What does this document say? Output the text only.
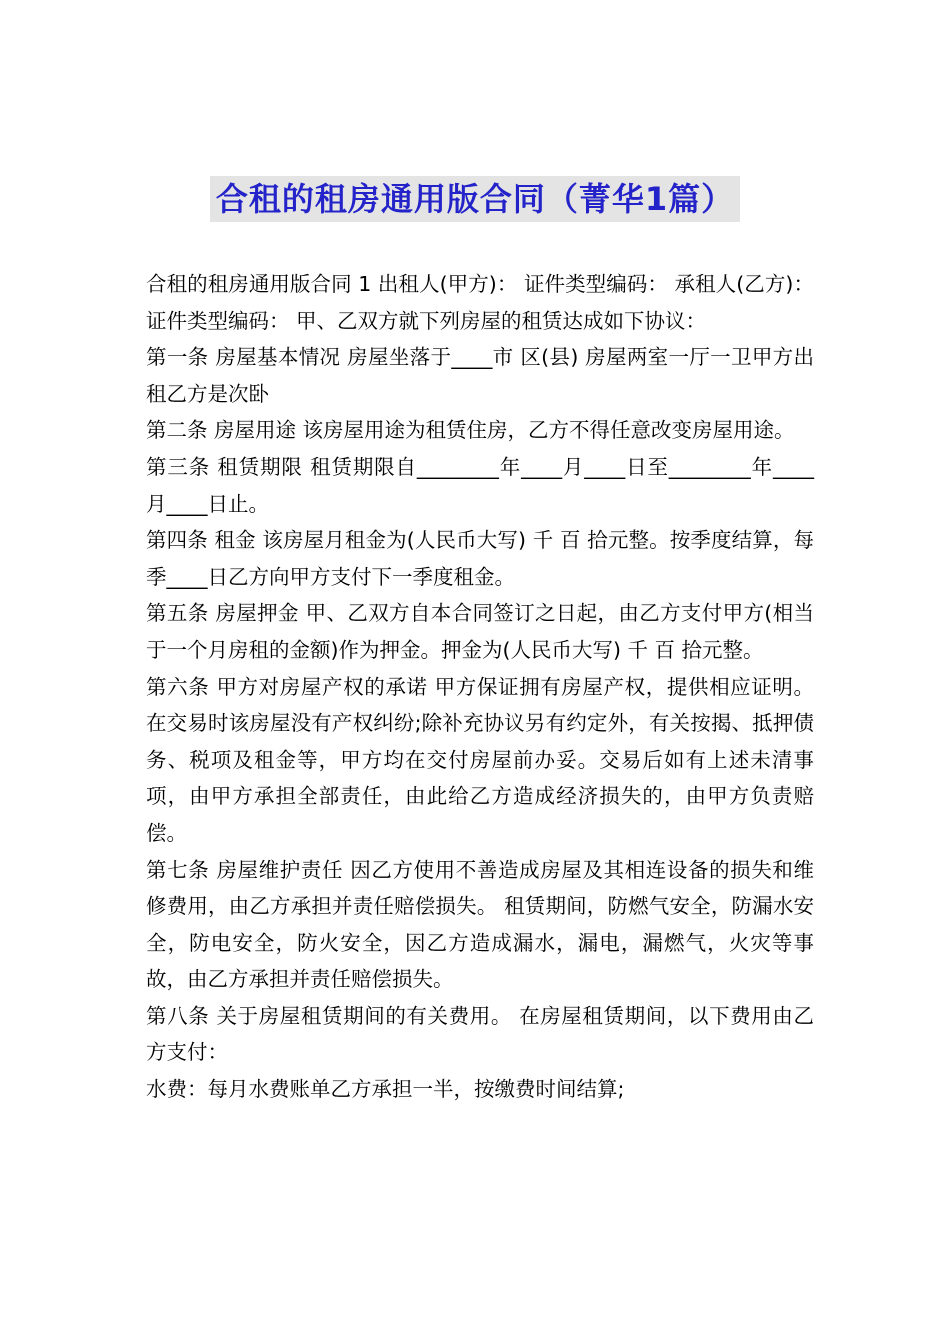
合租的租房通用版合同（菁华1篇）

合租的租房通用版合同 1 出租人(甲方)： 证件类型编码： 承租人(乙方)： 证件类型编码： 甲、乙双方就下列房屋的租赁达成如下协议：

第一条 房屋基本情况 房屋坐落于____市 区(县) 房屋两室一厅一卫甲方出租乙方是次卧

第二条 房屋用途 该房屋用途为租赁住房，乙方不得任意改变房屋用途。

第三条 租赁期限 租赁期限自________年____月____日至________年____月____日止。

第四条 租金 该房屋月租金为(人民币大写) 千 百 拾元整。按季度结算，每季____日乙方向甲方支付下一季度租金。

第五条 房屋押金 甲、乙双方自本合同签订之日起，由乙方支付甲方(相当于一个月房租的金额)作为押金。押金为(人民币大写) 千 百 拾元整。

第六条 甲方对房屋产权的承诺 甲方保证拥有房屋产权，提供相应证明。在交易时该房屋没有产权纠纷;除补充协议另有约定外，有关按揭、抵押债务、税项及租金等，甲方均在交付房屋前办妥。交易后如有上述未清事项，由甲方承担全部责任，由此给乙方造成经济损失的，由甲方负责赔偿。

第七条 房屋维护责任 因乙方使用不善造成房屋及其相连设备的损失和维修费用，由乙方承担并责任赔偿损失。 租赁期间，防燃气安全，防漏水安全，防电安全，防火安全，因乙方造成漏水，漏电，漏燃气，火灾等事故，由乙方承担并责任赔偿损失。

第八条 关于房屋租赁期间的有关费用。 在房屋租赁期间，以下费用由乙方支付：

水费：每月水费账单乙方承担一半，按缴费时间结算;
